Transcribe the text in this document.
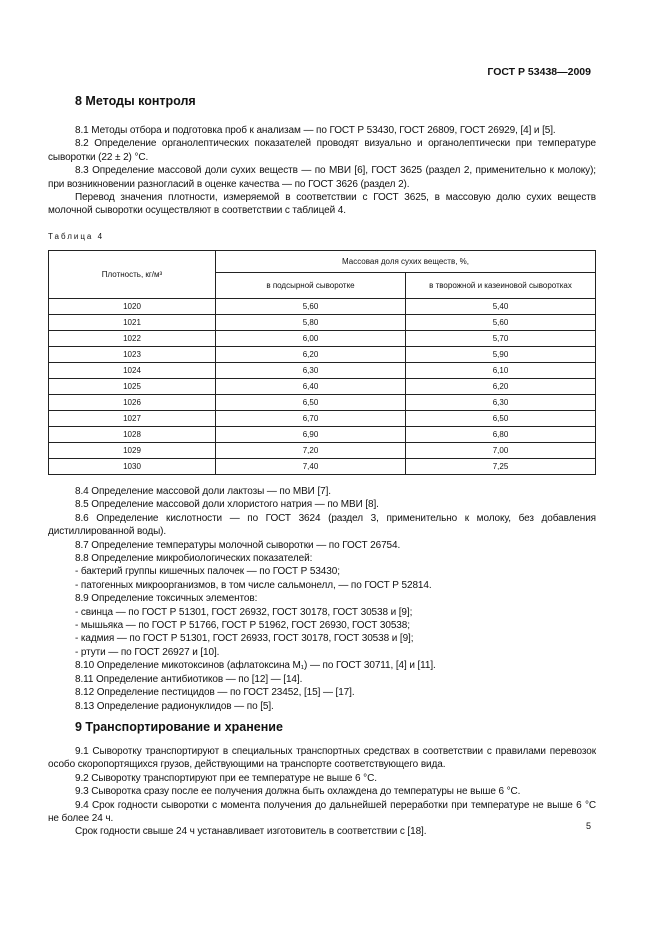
ГОСТ Р 53438—2009
8 Методы контроля

8.1 Методы отбора и подготовка проб к анализам — по ГОСТ Р 53430, ГОСТ 26809, ГОСТ 26929, [4] и [5].

8.2 Определение органолептических показателей проводят визуально и органолептически при температуре сыворотки (22 ± 2) °С.

8.3 Определение массовой доли сухих веществ — по МВИ [6], ГОСТ 3625 (раздел 2, применительно к молоку); при возникновении разногласий в оценке качества — по ГОСТ 3626 (раздел 2).

Перевод значения плотности, измеряемой в соответствии с ГОСТ 3625, в массовую долю сухих веществ молочной сыворотки осуществляют в соответствии с таблицей 4.

Таблица 4
Плотность, кг/м³	Массовая доля сухих веществ, %,	
	в подсырной сыворотке	в творожной и казеиновой сыворотках
1020	5,60	5,40
1021	5,80	5,60
1022	6,00	5,70
1023	6,20	5,90
1024	6,30	6,10
1025	6,40	6,20
1026	6,50	6,30
1027	6,70	6,50
1028	6,90	6,80
1029	7,20	7,00
1030	7,40	7,25

8.4 Определение массовой доли лактозы — по МВИ [7].

8.5 Определение массовой доли хлористого натрия — по МВИ [8].

8.6 Определение кислотности — по ГОСТ 3624 (раздел 3, применительно к молоку, без добавления дистиллированной воды).

8.7 Определение температуры молочной сыворотки — по ГОСТ 26754.

8.8 Определение микробиологических показателей:

- бактерий группы кишечных палочек — по ГОСТ Р 53430;

- патогенных микроорганизмов, в том числе сальмонелл, — по ГОСТ Р 52814.

8.9 Определение токсичных элементов:

- свинца — по ГОСТ Р 51301, ГОСТ 26932, ГОСТ 30178, ГОСТ 30538 и [9];

- мышьяка — по ГОСТ Р 51766, ГОСТ Р 51962, ГОСТ 26930, ГОСТ 30538;

- кадмия — по ГОСТ Р 51301, ГОСТ 26933, ГОСТ 30178, ГОСТ 30538 и [9];

- ртути — по ГОСТ 26927 и [10].

8.10 Определение микотоксинов (афлатоксина M₁) — по ГОСТ 30711, [4] и [11].

8.11 Определение антибиотиков — по [12] — [14].

8.12 Определение пестицидов — по ГОСТ 23452, [15] — [17].

8.13 Определение радионуклидов — по [5].

9 Транспортирование и хранение

9.1 Сыворотку транспортируют в специальных транспортных средствах в соответствии с правилами перевозок особо скоропортящихся грузов, действующими на транспорте соответствующего вида.

9.2 Сыворотку транспортируют при ее температуре не выше 6 °С.

9.3 Сыворотка сразу после ее получения должна быть охлаждена до температуры не выше 6 °С.

9.4 Срок годности сыворотки с момента получения до дальнейшей переработки при температуре не выше 6 °С не более 24 ч.

Срок годности свыше 24 ч устанавливает изготовитель в соответствии с [18].

5
